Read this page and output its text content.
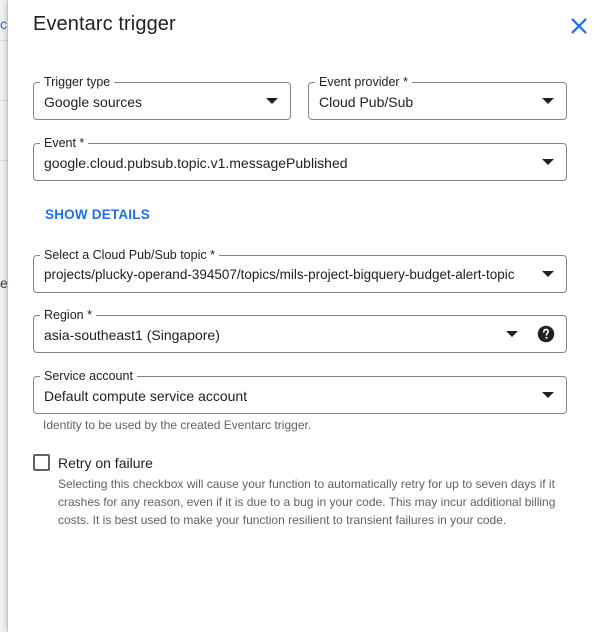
c
e
Eventarc trigger
Trigger type
Google sources
Event provider *
Cloud Pub/Sub
Event *
google.cloud.pubsub.topic.v1.messagePublished
SHOW DETAILS
Select a Cloud Pub/Sub topic *
projects/plucky-operand-394507/topics/mils-project-bigquery-budget-alert-topic
Region *
asia-southeast1 (Singapore)
Service account
Default compute service account
Identity to be used by the created Eventarc trigger.
Retry on failure
Selecting this checkbox will cause your function to automatically retry for up to seven days if it crashes for any reason, even if it is due to a bug in your code. This may incur additional billing costs. It is best used to make your function resilient to transient failures in your code.
